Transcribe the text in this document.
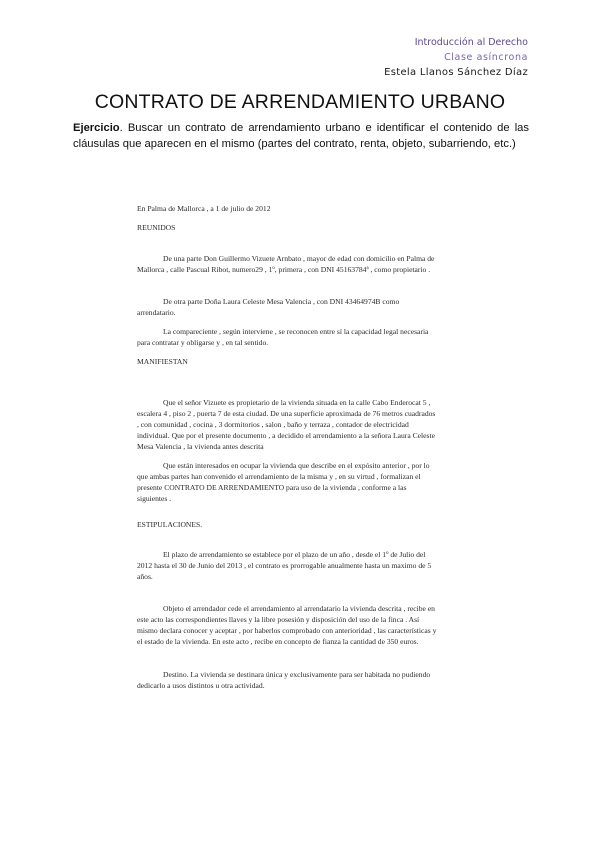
Introducción al Derecho
Clase asíncrona
Estela Llanos Sánchez Díaz
CONTRATO DE ARRENDAMIENTO URBANO
Ejercicio. Buscar un contrato de arrendamiento urbano e identificar el contenido de las cláusulas que aparecen en el mismo (partes del contrato, renta, objeto, subarriendo, etc.)
En Palma de Mallorca , a 1 de julio de 2012
REUNIDOS
De una parte Don Guillermo Vizuete Arnbato , mayor de edad con domicilio en Palma de Mallorca , calle Pascual Ribot, numero29 , 1º, primera , con DNI 45163784ª , como propietario .
De otra parte Doña Laura Celeste Mesa Valencia , con DNI 43464974B como arrendatario.
La compareciente , según interviene , se reconocen entre sí la capacidad legal necesaria para contratar y obligarse y , en tal sentido.
MANIFIESTAN
Que el señor Vizuete es propietario de la vivienda situada en la calle Cabo Enderocat 5 , escalera 4 , piso 2 , puerta 7 de esta ciudad. De una superficie aproximada de 76 metros cuadrados , con comunidad , cocina , 3 dormitorios , salon , baño y terraza , contador de electricidad individual. Que por el presente documento , a decidido el arrendamiento a la señora Laura Celeste Mesa Valencia , la vivienda antes descrita
Que están interesados en ocupar la vivienda que describe en el expósito anterior , por lo que ambas partes han convenido el arrendamiento de la misma y , en su virtud , formalizan el presente CONTRATO DE ARRENDAMIENTO para uso de la vivienda , conforme a las siguientes .
ESTIPULACIONES.
El plazo de arrendamiento se establece por el plazo de un año , desde el 1º de Julio del 2012 hasta el 30 de Junio del 2013 , el contrato es prorrogable anualmente hasta un maximo de 5 años.
Objeto el arrendador cede el arrendamiento al arrendatario la vivienda descrita , recibe en este acto las correspondientes llaves y la libre posesión y disposición del uso de la finca . Así mismo declara conocer y aceptar , por haberlos comprobado con anterioridad , las características y el estado de la vivienda. En este acto , recibe en concepto de fianza la cantidad de 350 euros.
Destino. La vivienda se destinara única y exclusivamente para ser habitada no pudiendo dedicarlo a usos distintos u otra actividad.
